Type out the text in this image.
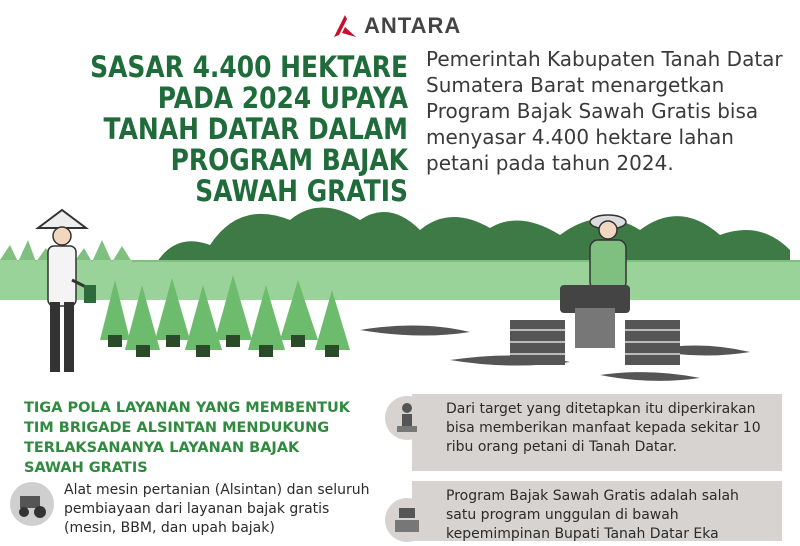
ANTARA
SASAR 4.400 HEKTARE PADA 2024 UPAYA TANAH DATAR DALAM PROGRAM BAJAK SAWAH GRATIS
Pemerintah Kabupaten Tanah Datar Sumatera Barat menargetkan Program Bajak Sawah Gratis bisa menyasar 4.400 hektare lahan petani pada tahun 2024.
TIGA POLA LAYANAN YANG MEMBENTUK TIM BRIGADE ALSINTAN MENDUKUNG TERLAKSANANYA LAYANAN BAJAK SAWAH GRATIS
Alat mesin pertanian (Alsintan) dan seluruh pembiayaan dari layanan bajak gratis (mesin, BBM, dan upah bajak)
Dari target yang ditetapkan itu diperkirakan bisa memberikan manfaat kepada sekitar 10 ribu orang petani di Tanah Datar.
Program Bajak Sawah Gratis adalah salah satu program unggulan di bawah kepemimpinan Bupati Tanah Datar Eka
